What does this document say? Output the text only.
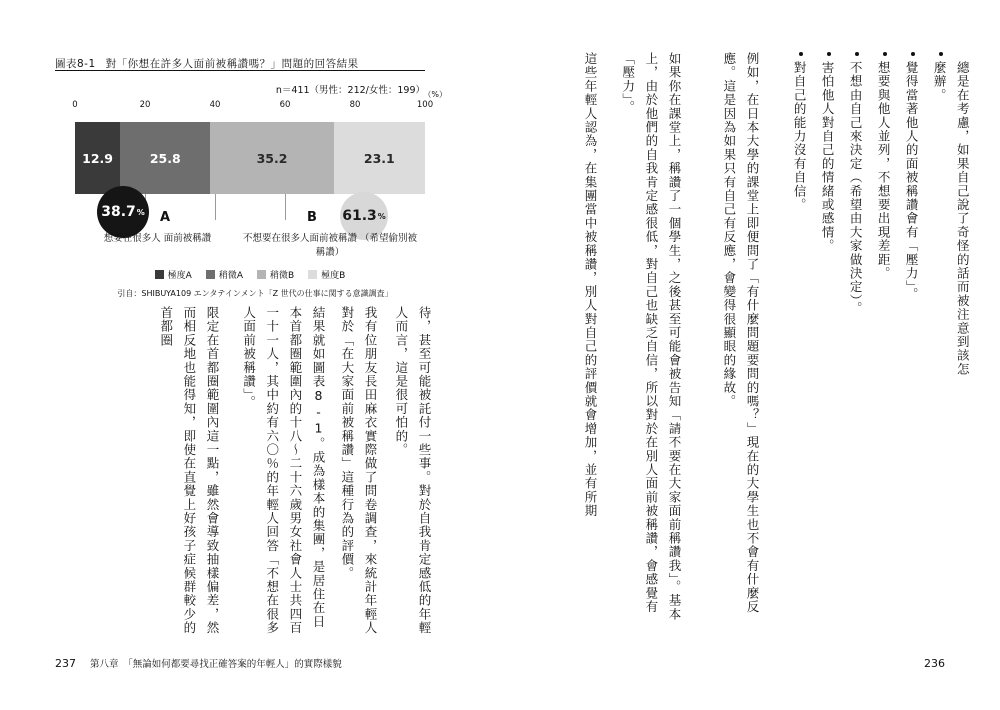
圖表8-1 對「你想在許多人面前被稱讚嗎？」問題的回答結果
n＝411（男性：212/女性：199）
0	20	40	60	80	100
（%）
12.9	25.8	35.2	23.1
38.7 %	61.3 %
A	B
想要在很多人 面前被稱讚	不想要在很多人面前被稱讚 （希望偷別被稱讚）
極度A	稍微A	稍微B	極度B
引自：SHIBUYA109 エンタテインメント「Z 世代の仕事に関する意識調査」
待，甚至可能被託付一些事。對於自我肯定感低的年輕人而言，這是很可怕的。
我有位朋友長田麻衣實際做了問卷調查，來統計年輕人對於「在大家面前被稱讚」這種行為的評價。
結果就如圖表8-1。成為樣本的集團，是居住在日本首都圈範圍內的十八～二十六歲男女社會人士共四百一十一人，其中約有六〇％的年輕人回答「不想在很多人面前被稱讚」。
限定在首都圈範圍內這一點，雖然會導致抽樣偏差，然而相反地也能得知，即使在直覺上好孩子症候群較少的首都圈
237 第八章　「無論如何都要尋找正確答案的年輕人」的實際樣貌
這些年輕人認為，在集團當中被稱讚，別人對自己的評價就會增加，並有所期	如果你在課堂上，稱讚了一個學生，之後甚至可能會被告知「請不要在大家面前稱讚我」。基本上，由於他們的自我肯定感很低，對自己也缺乏自信，所以對於在別人面前被稱讚，會感覺有「壓力」。	例如，在日本大學的課堂上即便問了「有什麼問題要問的嗎？」現在的大學生也不會有什麼反應。這是因為如果只有自己有反應，會變得很顯眼的緣故。	對自己的能力沒有自信。	害怕他人對自己的情緒或感情。	不想由自己來決定（希望由大家做決定）。	想要與他人並列，不想要出現差距。	覺得當著他人的面被稱讚會有「壓力」。	總是在考慮，如果自己說了奇怪的話而被注意到該怎麼辦。
236
